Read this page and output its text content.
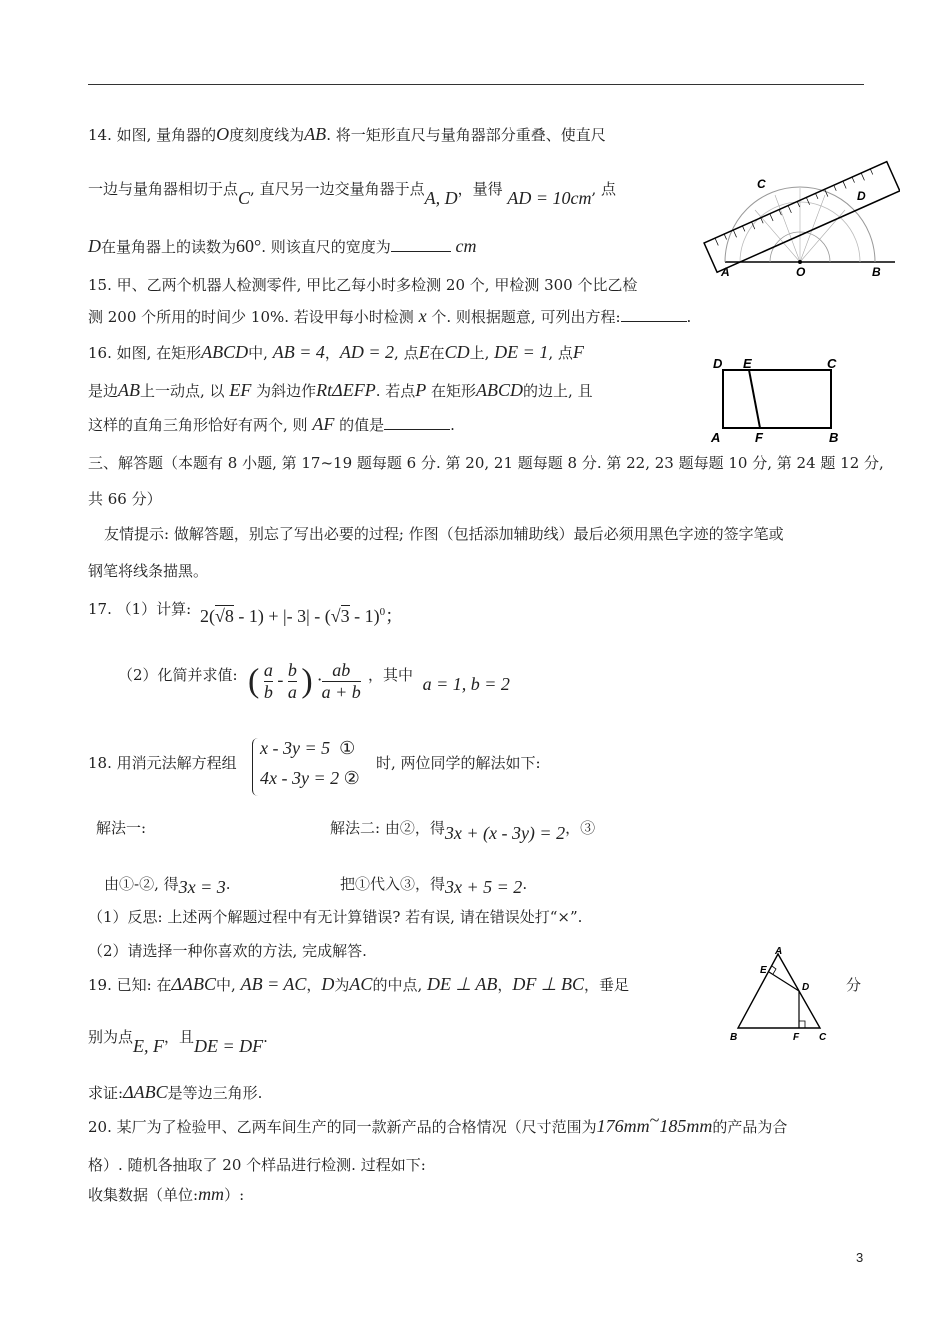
14. 如图, 量角器的O度刻度线为AB. 将一矩形直尺与量角器部分重叠、使直尺
一边与量角器相切于点C, 直尺另一边交量角器于点A, D，量得 AD = 10cm, 点
D在量角器上的读数为60°. 则该直尺的宽度为	cm
C
D
A	O	B
15. 甲、乙两个机器人检测零件, 甲比乙每小时多检测 20 个, 甲检测 300 个比乙检
测 200 个所用的时间少 10%. 若设甲每小时检测 x 个. 则根据题意, 可列出方程:	.
16. 如图, 在矩形ABCD中, AB = 4，AD = 2, 点E在CD上, DE = 1, 点F
是边AB上一动点, 以 EF 为斜边作RtΔEFP. 若点P 在矩形ABCD的边上, 且
这样的直角三角形恰好有两个, 则 AF 的值是	.
D E	C
A	F	B
三、解答题（本题有 8 小题, 第 17~19 题每题 6 分. 第 20, 21 题每题 8 分. 第 22, 23 题每题 10 分, 第 24 题 12 分,
共 66 分）
友情提示: 做解答题，别忘了写出必要的过程; 作图（包括添加辅助线）最后必须用黑色字迹的签字笔或
钢笔将线条描黑。
17. （1）计算: 2(√8 - 1) + |- 3| - (√3 - 1)$^0$；
（2）化简并求值: ( $\frac{a}{b} - \frac{b}{a}$ ) · $\frac{ab}{a + b}$ ，其中 a = 1, b = 2
18. 用消元法解方程组
x - 3y = 5 ①
4x - 3y = 2 ②
时, 两位同学的解法如下:
解法一:	解法二: 由②，得3x + (x - 3y) = 2，③
由①-②, 得3x = 3.	把①代入③，得3x + 5 = 2.
（1）反思: 上述两个解题过程中有无计算错误? 若有误, 请在错误处打“×”.
（2）请选择一种你喜欢的方法, 完成解答.
19. 已知: 在ΔABC中, AB = AC，D为AC的中点, DE ⊥ AB，DF ⊥ BC，垂足	分
别为点E, F，且DE = DF.
求证:ΔABC是等边三角形.
A
E
D
B	F C
20. 某厂为了检验甲、乙两车间生产的同一款新产品的合格情况（尺寸范围为176mm~185mm的产品为合
格）. 随机各抽取了 20 个样品进行检测. 过程如下:
收集数据（单位:mm）:
3
